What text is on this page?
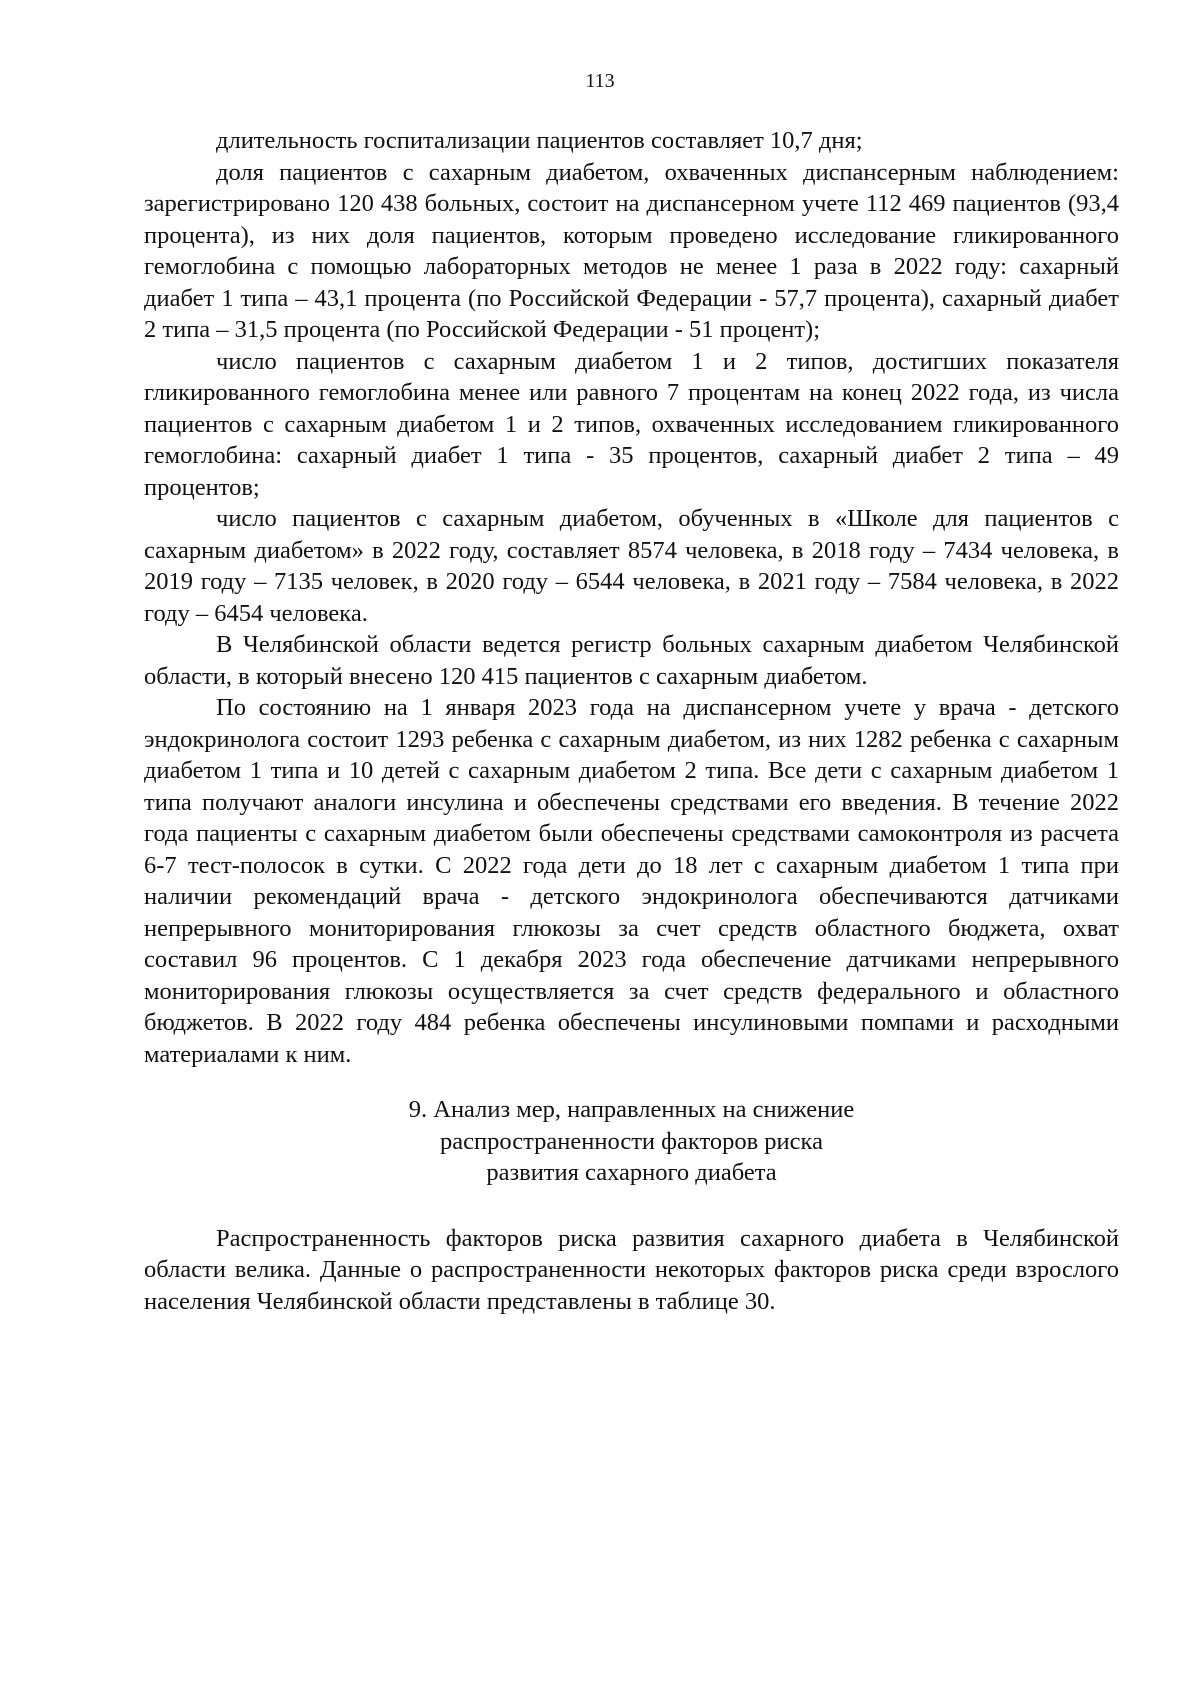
113

длительность госпитализации пациентов составляет 10,7 дня;

доля пациентов с сахарным диабетом, охваченных диспансерным наблюдением: зарегистрировано 120 438 больных, состоит на диспансерном учете 112 469 пациентов (93,4 процента), из них доля пациентов, которым проведено исследование гликированного гемоглобина с помощью лабораторных методов не менее 1 раза в 2022 году: сахарный диабет 1 типа – 43,1 процента (по Российской Федерации - 57,7 процента), сахарный диабет 2 типа – 31,5 процента (по Российской Федерации - 51 процент);

число пациентов с сахарным диабетом 1 и 2 типов, достигших показателя гликированного гемоглобина менее или равного 7 процентам на конец 2022 года, из числа пациентов с сахарным диабетом 1 и 2 типов, охваченных исследованием гликированного гемоглобина: сахарный диабет 1 типа - 35 процентов, сахарный диабет 2 типа – 49 процентов;

число пациентов с сахарным диабетом, обученных в «Школе для пациентов с сахарным диабетом» в 2022 году, составляет 8574 человека, в 2018 году – 7434 человека, в 2019 году – 7135 человек, в 2020 году – 6544 человека, в 2021 году – 7584 человека, в 2022 году – 6454 человека.

В Челябинской области ведется регистр больных сахарным диабетом Челябинской области, в который внесено 120 415 пациентов с сахарным диабетом.

По состоянию на 1 января 2023 года на диспансерном учете у врача - детского эндокринолога состоит 1293 ребенка с сахарным диабетом, из них 1282 ребенка с сахарным диабетом 1 типа и 10 детей с сахарным диабетом 2 типа. Все дети с сахарным диабетом 1 типа получают аналоги инсулина и обеспечены средствами его введения. В течение 2022 года пациенты с сахарным диабетом были обеспечены средствами самоконтроля из расчета 6-7 тест-полосок в сутки. С 2022 года дети до 18 лет с сахарным диабетом 1 типа при наличии рекомендаций врача - детского эндокринолога обеспечиваются датчиками непрерывного мониторирования глюкозы за счет средств областного бюджета, охват составил 96 процентов. С 1 декабря 2023 года обеспечение датчиками непрерывного мониторирования глюкозы осуществляется за счет средств федерального и областного бюджетов. В 2022 году 484 ребенка обеспечены инсулиновыми помпами и расходными материалами к ним.

9. Анализ мер, направленных на снижение
распространенности факторов риска
развития сахарного диабета

Распространенность факторов риска развития сахарного диабета в Челябинской области велика. Данные о распространенности некоторых факторов риска среди взрослого населения Челябинской области представлены в таблице 30.
